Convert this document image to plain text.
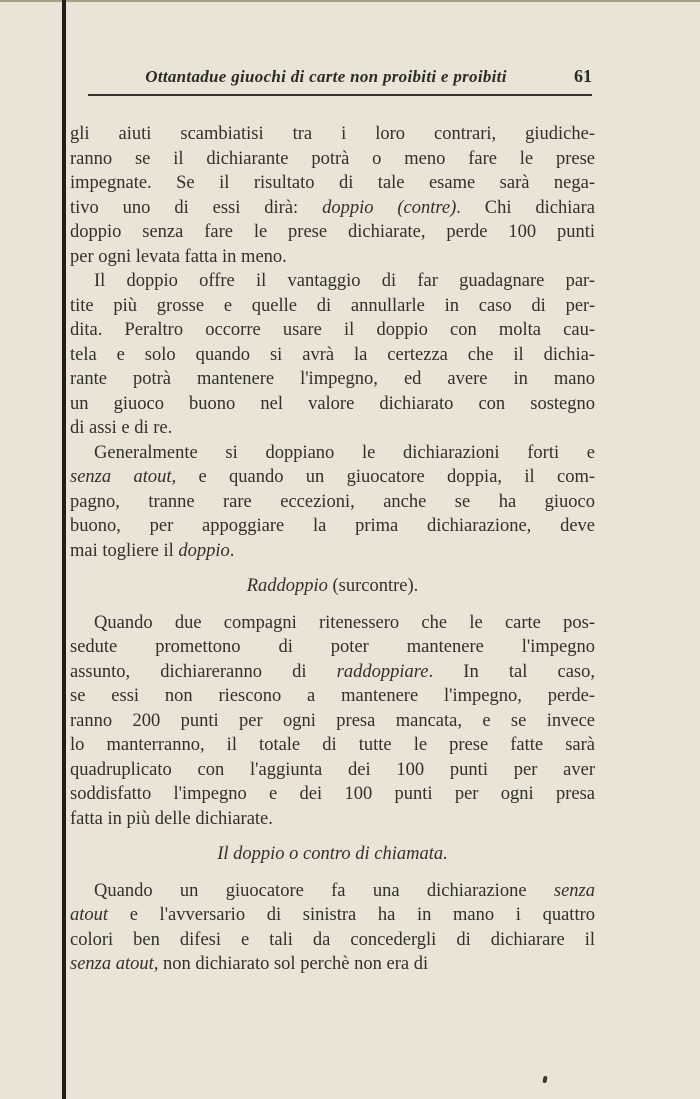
Ottantadue giuochi di carte non proibiti e proibiti	61
gli aiuti scambiatisi tra i loro contrari, giudiche-
ranno se il dichiarante potrà o meno fare le prese
impegnate. Se il risultato di tale esame sarà nega-
tivo uno di essi dirà: doppio (contre). Chi dichiara
doppio senza fare le prese dichiarate, perde 100 punti
per ogni levata fatta in meno.
Il doppio offre il vantaggio di far guadagnare par-
tite più grosse e quelle di annullarle in caso di per-
dita. Peraltro occorre usare il doppio con molta cau-
tela e solo quando si avrà la certezza che il dichia-
rante potrà mantenere l'impegno, ed avere in mano
un giuoco buono nel valore dichiarato con sostegno
di assi e di re.
Generalmente si doppiano le dichiarazioni forti e
senza atout, e quando un giuocatore doppia, il com-
pagno, tranne rare eccezioni, anche se ha giuoco
buono, per appoggiare la prima dichiarazione, deve
mai togliere il doppio.
Raddoppio (surcontre).
Quando due compagni ritenessero che le carte pos-
sedute promettono di poter mantenere l'impegno
assunto, dichiareranno di raddoppiare. In tal caso,
se essi non riescono a mantenere l'impegno, perde-
ranno 200 punti per ogni presa mancata, e se invece
lo manterranno, il totale di tutte le prese fatte sarà
quadruplicato con l'aggiunta dei 100 punti per aver
soddisfatto l'impegno e dei 100 punti per ogni presa
fatta in più delle dichiarate.
Il doppio o contro di chiamata.
Quando un giuocatore fa una dichiarazione senza
atout e l'avversario di sinistra ha in mano i quattro
colori ben difesi e tali da concedergli di dichiarare il
senza atout, non dichiarato sol perchè non era di
